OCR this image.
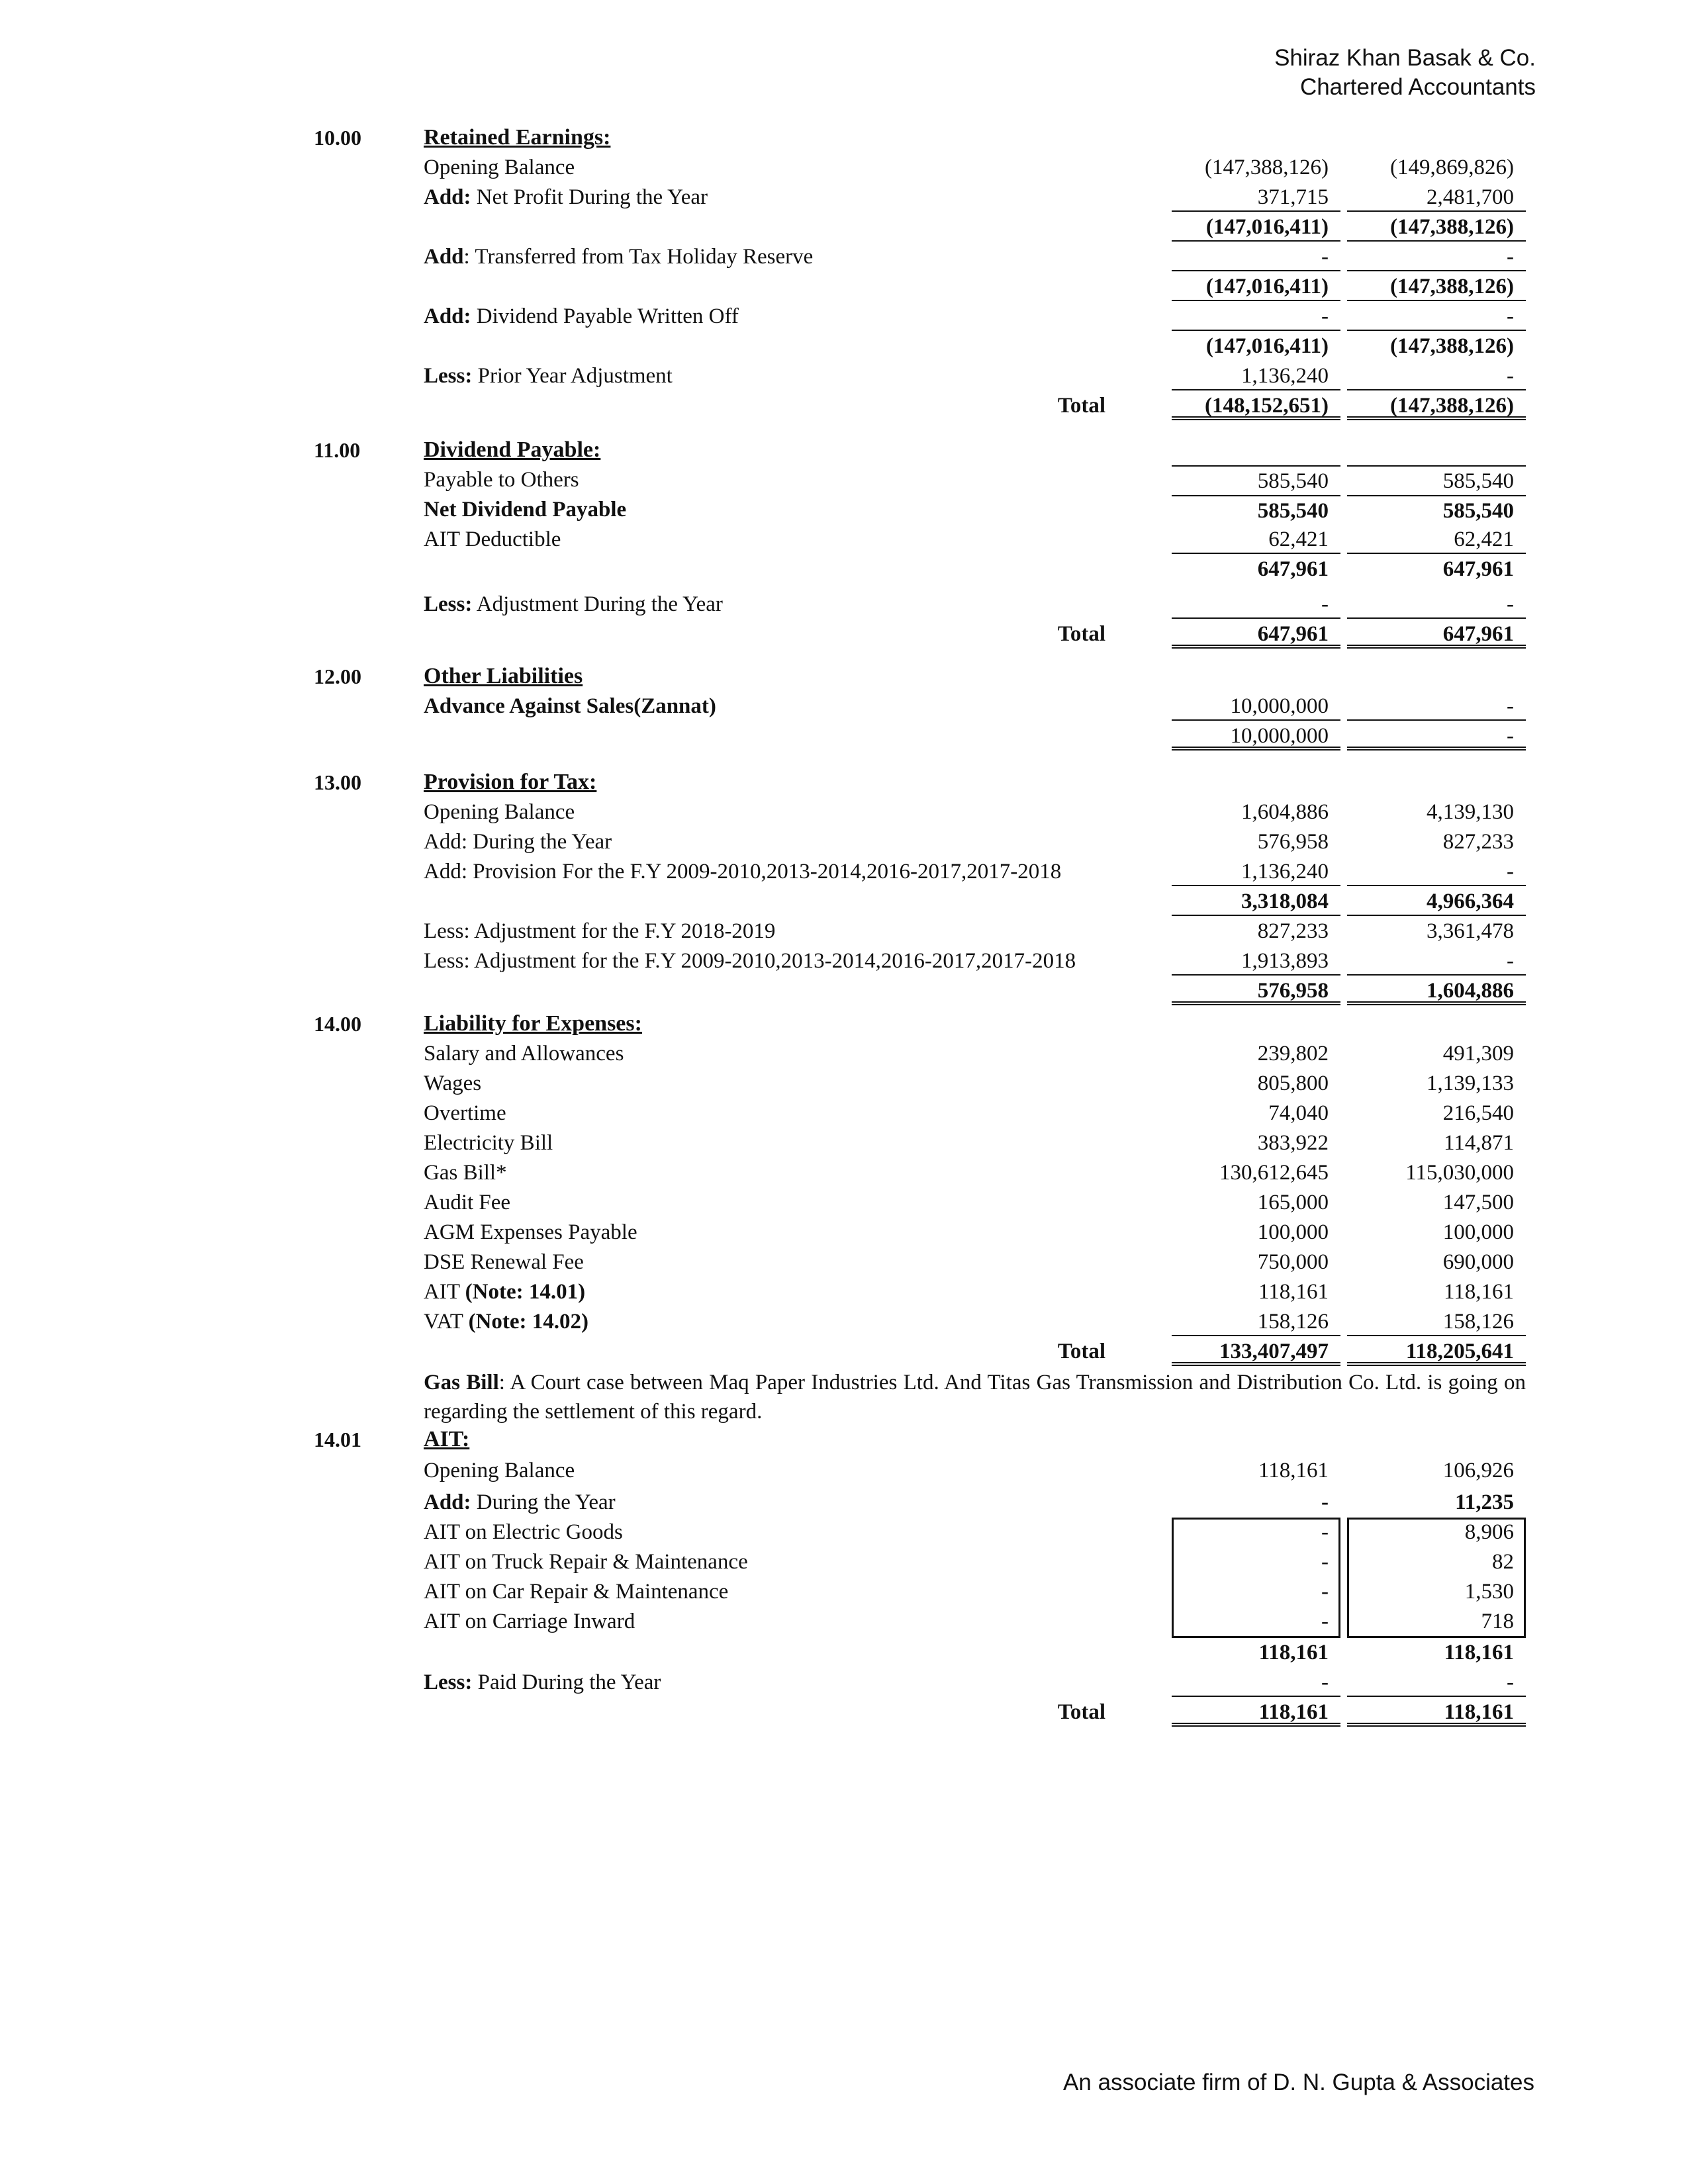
Shiraz Khan Basak & Co.
Chartered Accountants
10.00	Retained Earnings:
Opening Balance	(147,388,126)	(149,869,826)
Add: Net Profit During the Year	371,715	2,481,700
(147,016,411)	(147,388,126)
Add: Transferred from Tax Holiday Reserve	-	-
(147,016,411)	(147,388,126)
Add: Dividend Payable Written Off	-	-
(147,016,411)	(147,388,126)
Less: Prior Year Adjustment	1,136,240	-
Total	(148,152,651)	(147,388,126)
11.00	Dividend Payable:
Payable to Others	585,540	585,540
Net Dividend Payable	585,540	585,540
AIT Deductible	62,421	62,421
647,961	647,961
Less: Adjustment During the Year	-	-
Total	647,961	647,961
12.00	Other Liabilities
Advance Against Sales(Zannat)	10,000,000	-
10,000,000	-
13.00	Provision for Tax:
Opening Balance	1,604,886	4,139,130
Add: During the Year	576,958	827,233
Add: Provision For the F.Y 2009-2010,2013-2014,2016-2017,2017-2018	1,136,240	-
3,318,084	4,966,364
Less: Adjustment for the F.Y 2018-2019	827,233	3,361,478
Less: Adjustment for the F.Y 2009-2010,2013-2014,2016-2017,2017-2018	1,913,893	-
576,958	1,604,886
14.00	Liability for Expenses:
Salary and Allowances	239,802	491,309
Wages	805,800	1,139,133
Overtime	74,040	216,540
Electricity Bill	383,922	114,871
Gas Bill*	130,612,645	115,030,000
Audit Fee	165,000	147,500
AGM Expenses Payable	100,000	100,000
DSE Renewal Fee	750,000	690,000
AIT (Note: 14.01)	118,161	118,161
VAT (Note: 14.02)	158,126	158,126
Total	133,407,497	118,205,641
Gas Bill: A Court case between Maq Paper Industries Ltd. And Titas Gas Transmission and Distribution Co. Ltd. is going on regarding the settlement of this regard.
14.01	AIT:
Opening Balance	118,161	106,926
Add: During the Year	-	11,235
AIT on Electric Goods	-	8,906
AIT on Truck Repair & Maintenance	-	82
AIT on Car Repair & Maintenance	-	1,530
AIT on Carriage Inward	-	718
118,161	118,161
Less: Paid During the Year	-	-
Total	118,161	118,161
An associate firm of D. N. Gupta & Associates
